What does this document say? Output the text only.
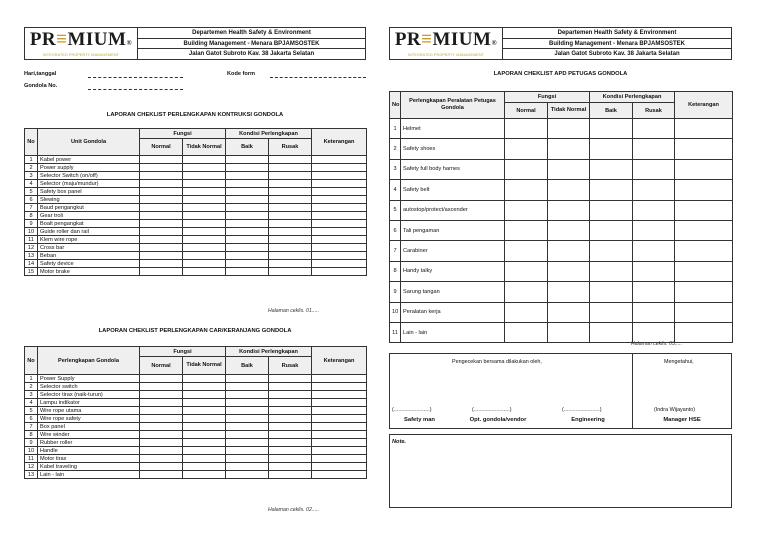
PR≡MIUM®
INTEGRATED PROPERTY MANAGEMENT
Departemen Health Safety & Environment
Building Management - Menara BPJAMSOSTEK
Jalan Gatot Subroto Kav. 38 Jakarta Selatan
Hari,tanggal
Gondola No.
Kode form
LAPORAN CHEKLIST PERLENGKAPAN KONTRUKSI GONDOLA
No	Unit Gondola	Fungsi		Kondisi Perlengkapan		Keterangan
		Normal	Tidak Normal	Baik	Rusak	
1	Kabel power					
2	Power supply					
3	Selector Switch (on/off)					
4	Selector (maju/mundur)					
5	Safety box panel					
6	Slewing					
7	Baud pengangkut					
8	Gear troli					
9	Boalt pengangkat					
10	Guide roller dan rail					
11	Klem wire rope					
12	Cross bar					
13	Beban					
14	Safety device					
15	Motor brake					
Halaman ceklis. 01.....
LAPORAN CHEKLIST PERLENGKAPAN CAR/KERANJANG GONDOLA
No	Perlengkapan Gondola	Fungsi		Kondisi Perlengkapan		Keterangan
		Normal	Tidak Normal	Baik	Rusak	
1	Power Supply					
2	Selector switch					
3	Selector tirax (naik-turun)					
4	Lampu indikator					
5	Wire rope utama					
6	Wire rope safety					
7	Box panel					
8	Wire winder					
9	Rubber roller					
10	Handle					
11	Motor tirax					
12	Kabel traveling					
13	Lain - lain					
Halaman ceklis. 02.....
PR≡MIUM®
INTEGRATED PROPERTY MANAGEMENT
Departemen Health Safety & Environment
Building Management - Menara BPJAMSOSTEK
Jalan Gatot Subroto Kav. 38 Jakarta Selatan
LAPORAN CHEKLIST APD PETUGAS GONDOLA
No	Perlengkapan Peralatan Petugas Gondola	Fungsi		Kondisi Perlengkapan		Keterangan
		Normal	Tidak Normal	Baik	Rusak	
1	Helmet					
2	Safety shoes					
3	Safety full body harnes					
4	Safety belt					
5	autostop/protect/ascender					
6	Tali pengaman					
7	Carabiner					
8	Handy talky					
9	Sarung tangan					
10	Peralatan kerja					
11	Lain - lain					
Halaman ceklis. 03.....
Pengecekan bersama dilakukan oleh,	Mengetahui,
(........................)	(........................)	(........................)	(Indra Wijayanto)
Safety man	Opt. gondola/vendor	Engineering	Manager HSE
Note.
